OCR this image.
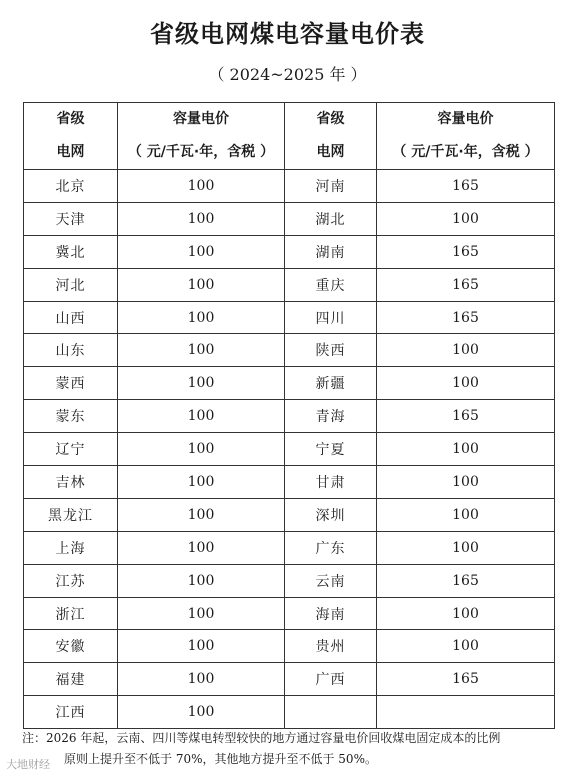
省级电网煤电容量电价表
（ 2024~2025 年 ）
省级
电网	容量电价
（ 元/千瓦·年，含税 ）	省级
电网	容量电价
（ 元/千瓦·年，含税 ）

北京	100	河南	165
天津	100	湖北	100
冀北	100	湖南	165
河北	100	重庆	165
山西	100	四川	165
山东	100	陕西	100
蒙西	100	新疆	100
蒙东	100	青海	165
辽宁	100	宁夏	100
吉林	100	甘肃	100
黑龙江	100	深圳	100
上海	100	广东	100
江苏	100	云南	165
浙江	100	海南	100
安徽	100	贵州	100
福建	100	广西	165
江西	100		
注：2026 年起，云南、四川等煤电转型较快的地方通过容量电价回收煤电固定成本的比例
原则上提升至不低于 70%，其他地方提升至不低于 50%。
大地财经
